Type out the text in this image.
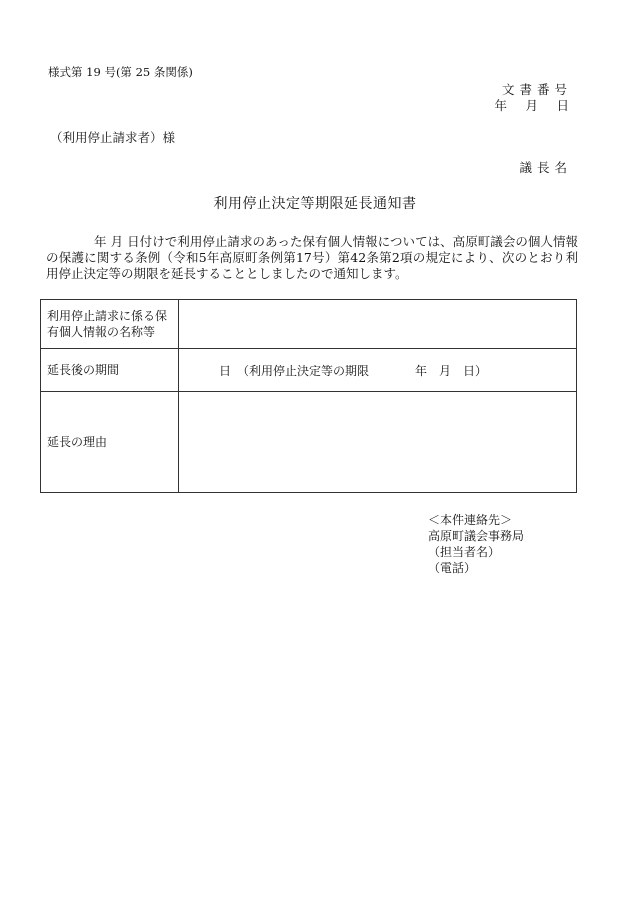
様式第 19 号(第 25 条関係)
文書番号
年　月　日
（利用停止請求者）様
議長名
利用停止決定等期限延長通知書
年 月 日付けで利用停止請求のあった保有個人情報については、高原町議会の個人情報の保護に関する条例（令和5年高原町条例第17号）第42条第2項の規定により、次のとおり利用停止決定等の期限を延長することとしましたので通知します。
利用停止請求に係る保有個人情報の名称等	
延長後の期間	日 （利用停止決定等の期限 年　月　日）

延長の理由	
＜本件連絡先＞
高原町議会事務局
（担当者名）
（電話）
